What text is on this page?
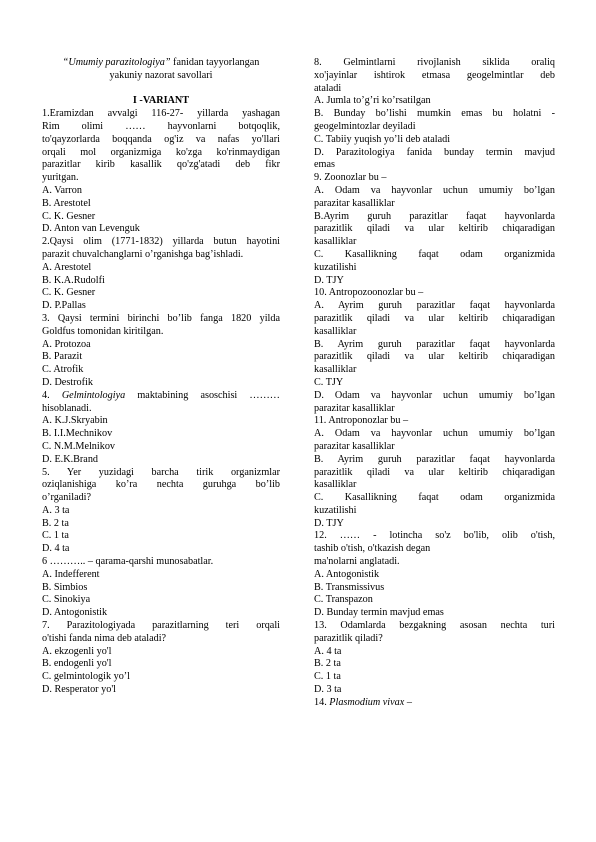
“Umumiy parazitologiya” fanidan tayyorlangan
yakuniy nazorat savollari
I -VARIANT
1.Eramizdan avvalgi 116-27- yillarda yashagan
Rim olimi …… hayvonlarni botqoqlik,
to'qayzorlarda boqqanda og'iz va nafas yo'llari
orqali mol organizmiga ko'zga ko'rinmaydigan
parazitlar kirib kasallik qo'zg'atadi deb fikr
yuritgan.
A. Varron
B. Arestotel
C. K. Gesner
D. Anton van Levenguk
2.Qaysi olim (1771-1832) yillarda butun hayotini
parazit chuvalchanglarni o’rganishga bag’ishladi.
A. Arestotel
B. K.A.Rudolfi
C. K. Gesner
D. P.Pallas
3. Qaysi termini birinchi bo’lib fanga 1820 yilda
Goldfus tomonidan kiritilgan.
A. Protozoa
B. Parazit
C. Atrofik
D. Destrofik
4. Gelmintologiya maktabining asoschisi ………
hisoblanadi.
A. K.J.Skryabin
B. I.I.Mechnikov
C. N.M.Melnikov
D. E.K.Brand
5. Yer yuzidagi barcha tirik organizmlar
oziqlanishiga ko’ra nechta guruhga bo’lib
o’rganiladi?
A. 3 ta
B. 2 ta
C. 1 ta
D. 4 ta
6 ……….. – qarama-qarshi munosabatlar.
A. Indefferent
B. Simbios
C. Sinokiya
D. Antogonistik
7. Parazitologiyada parazitlarning teri orqali
o'tishi fanda nima deb ataladi?
A. ekzogenli yo'l
B. endogenli yo'l
C. gelmintologik yo’l
D. Resperator yo'l
8. Gelmintlarni rivojlanish siklida oraliq
xo'jayinlar ishtirok etmasa geogelmintlar deb
ataladi
A. Jumla to’g’ri ko’rsatilgan
B. Bunday bo’lishi mumkin emas bu holatni -
geogelmintozlar deyiladi
C. Tabiiy yuqish yo’li deb ataladi
D. Parazitologiya fanida bunday termin mavjud
emas
9. Zoonozlar bu –
A. Odam va hayvonlar uchun umumiy bo’lgan
parazitar kasalliklar
B.Ayrim guruh parazitlar faqat hayvonlarda
parazitlik qiladi va ular keltirib chiqaradigan
kasalliklar
C. Kasallikning faqat odam organizmida
kuzatilishi
D. TJY
10. Antropozoonozlar bu –
A. Ayrim guruh parazitlar faqat hayvonlarda
parazitlik qiladi va ular keltirib chiqaradigan
kasalliklar
B. Ayrim guruh parazitlar faqat hayvonlarda
parazitlik qiladi va ular keltirib chiqaradigan
kasalliklar
C. TJY
D. Odam va hayvonlar uchun umumiy bo’lgan
parazitar kasalliklar
11. Antroponozlar bu –
A. Odam va hayvonlar uchun umumiy bo’lgan
parazitar kasalliklar
B. Ayrim guruh parazitlar faqat hayvonlarda
parazitlik qiladi va ular keltirib chiqaradigan
kasalliklar
C. Kasallikning faqat odam organizmida
kuzatilishi
D. TJY
12. …… - lotincha so'z bo'lib, olib o'tish,
tashib o'tish, o'tkazish degan
ma'nolarni anglatadi.
A. Antogonistik
B. Transmissivus
C. Transpazon
D. Bunday termin mavjud emas
13. Odamlarda bezgakning asosan nechta turi
parazitlik qiladi?
A. 4 ta
B. 2 ta
C. 1 ta
D. 3 ta
14. Plasmodium vivax –
